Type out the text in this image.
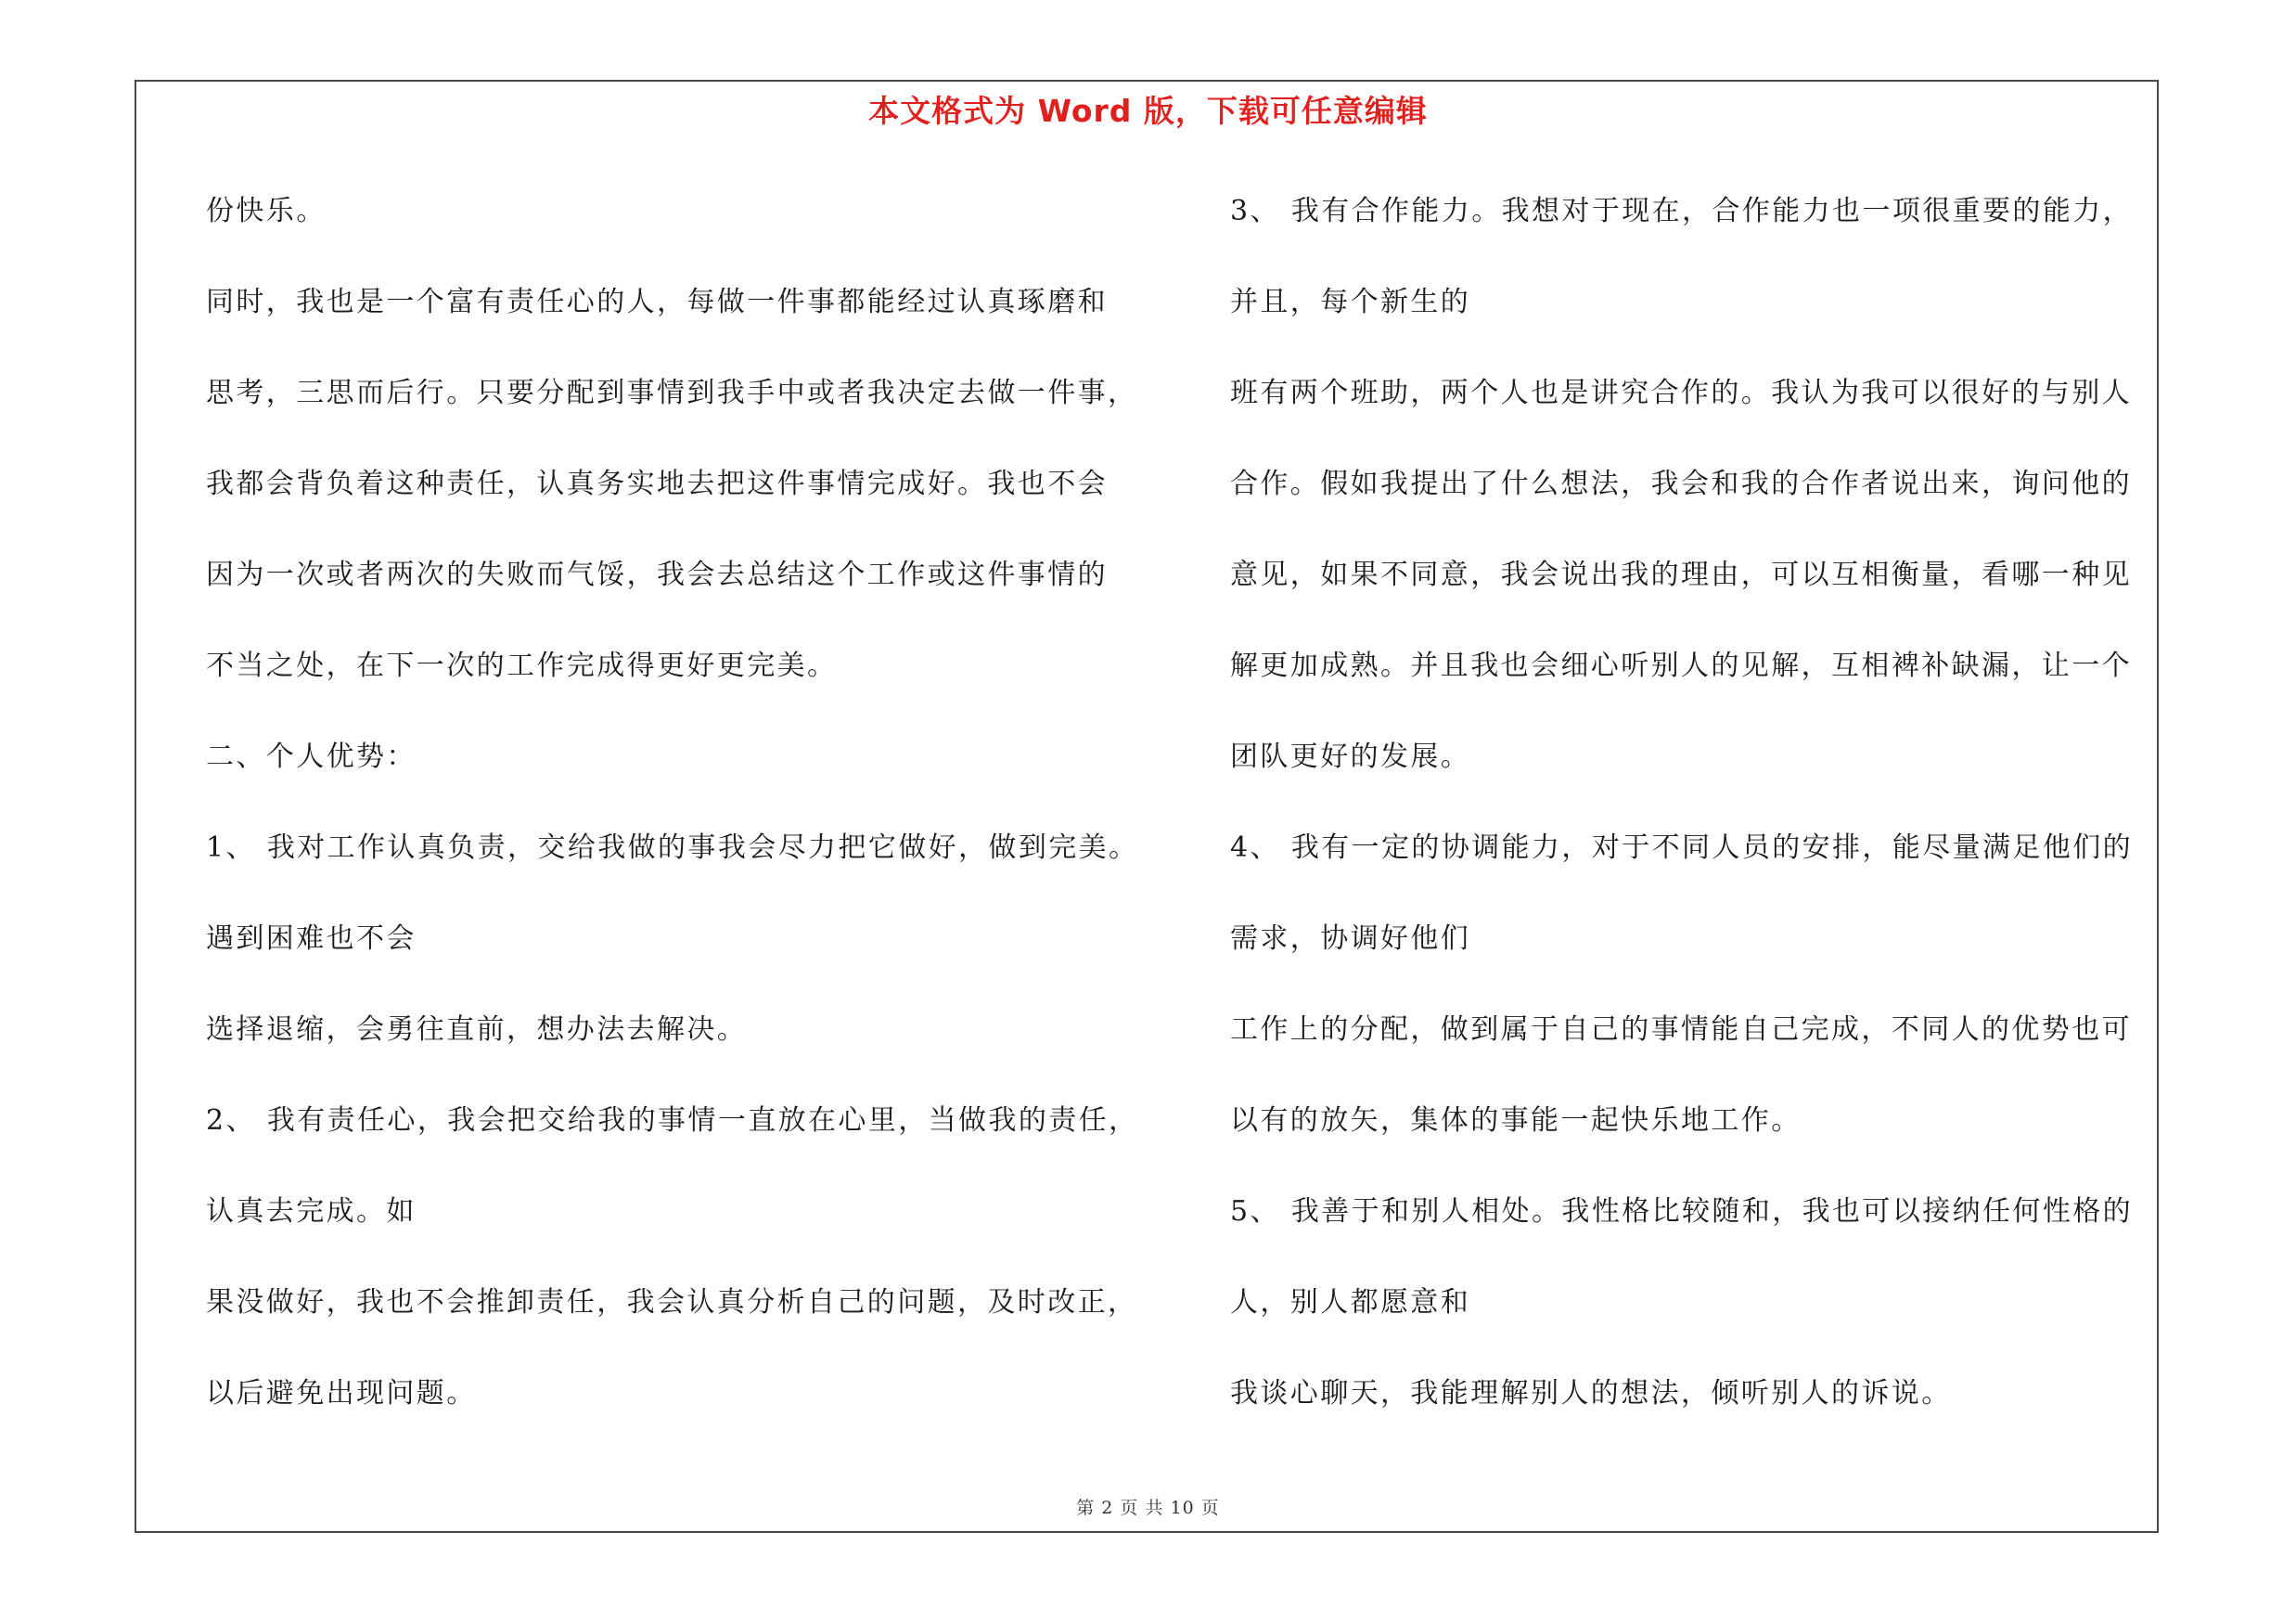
本文格式为 Word 版，下载可任意编辑
份快乐。
同时，我也是一个富有责任心的人，每做一件事都能经过认真琢磨和
思考，三思而后行。只要分配到事情到我手中或者我决定去做一件事，
我都会背负着这种责任，认真务实地去把这件事情完成好。我也不会
因为一次或者两次的失败而气馁，我会去总结这个工作或这件事情的
不当之处，在下一次的工作完成得更好更完美。
二、个人优势：
1、 我对工作认真负责，交给我做的事我会尽力把它做好，做到完美。
遇到困难也不会
选择退缩，会勇往直前，想办法去解决。
2、 我有责任心，我会把交给我的事情一直放在心里，当做我的责任，
认真去完成。如
果没做好，我也不会推卸责任，我会认真分析自己的问题，及时改正，
以后避免出现问题。
3、 我有合作能力。我想对于现在，合作能力也一项很重要的能力，
并且，每个新生的
班有两个班助，两个人也是讲究合作的。我认为我可以很好的与别人
合作。假如我提出了什么想法，我会和我的合作者说出来，询问他的
意见，如果不同意，我会说出我的理由，可以互相衡量，看哪一种见
解更加成熟。并且我也会细心听别人的见解，互相裨补缺漏，让一个
团队更好的发展。
4、 我有一定的协调能力，对于不同人员的安排，能尽量满足他们的
需求，协调好他们
工作上的分配，做到属于自己的事情能自己完成，不同人的优势也可
以有的放矢，集体的事能一起快乐地工作。
5、 我善于和别人相处。我性格比较随和，我也可以接纳任何性格的
人，别人都愿意和
我谈心聊天，我能理解别人的想法，倾听别人的诉说。
第 2 页 共 10 页
